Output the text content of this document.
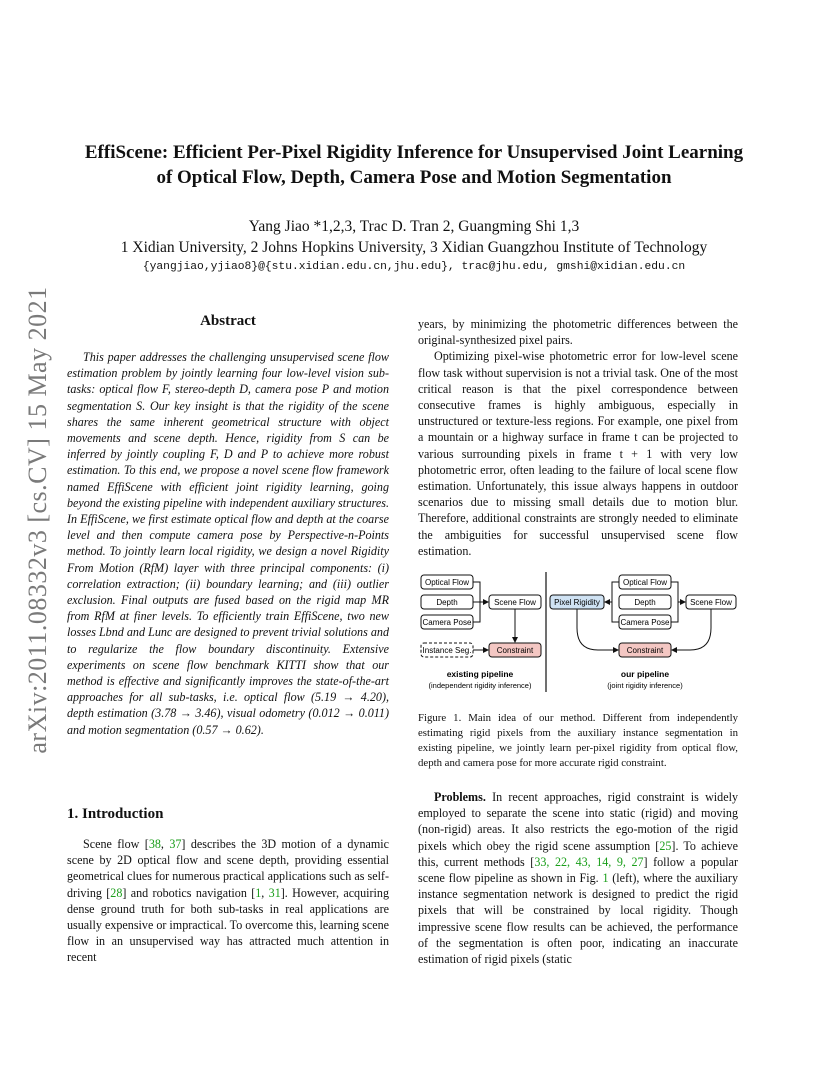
arXiv:2011.08332v3 [cs.CV] 15 May 2021
EffiScene: Efficient Per-Pixel Rigidity Inference for Unsupervised Joint Learning
of Optical Flow, Depth, Camera Pose and Motion Segmentation
Yang Jiao *1,2,3, Trac D. Tran 2, Guangming Shi 1,3
1 Xidian University, 2 Johns Hopkins University, 3 Xidian Guangzhou Institute of Technology
{yangjiao,yjiao8}@{stu.xidian.edu.cn,jhu.edu}, trac@jhu.edu, gmshi@xidian.edu.cn
Abstract

This paper addresses the challenging unsupervised scene flow estimation problem by jointly learning four low-level vision sub-tasks: optical flow F, stereo-depth D, camera pose P and motion segmentation S. Our key insight is that the rigidity of the scene shares the same inherent geometrical structure with object movements and scene depth. Hence, rigidity from S can be inferred by jointly coupling F, D and P to achieve more robust estimation. To this end, we propose a novel scene flow framework named EffiScene with efficient joint rigidity learning, going beyond the existing pipeline with independent auxiliary structures. In EffiScene, we first estimate optical flow and depth at the coarse level and then compute camera pose by Perspective-n-Points method. To jointly learn local rigidity, we design a novel Rigidity From Motion (RfM) layer with three principal components: (i) correlation extraction; (ii) boundary learning; and (iii) outlier exclusion. Final outputs are fused based on the rigid map MR from RfM at finer levels. To efficiently train EffiScene, two new losses Lbnd and Lunc are designed to prevent trivial solutions and to regularize the flow boundary discontinuity. Extensive experiments on scene flow benchmark KITTI show that our method is effective and significantly improves the state-of-the-art approaches for all sub-tasks, i.e. optical flow (5.19 → 4.20), depth estimation (3.78 → 3.46), visual odometry (0.012 → 0.011) and motion segmentation (0.57 → 0.62).

1. Introduction

Scene flow [38, 37] describes the 3D motion of a dynamic scene by 2D optical flow and scene depth, providing essential geometrical clues for numerous practical applications such as self-driving [28] and robotics navigation [1, 31]. However, acquiring dense ground truth for both sub-tasks in real applications are usually expensive or impractical. To overcome this, learning scene flow in an unsupervised way has attracted much attention in recent

years, by minimizing the photometric differences between the original-synthesized pixel pairs.

Optimizing pixel-wise photometric error for low-level scene flow task without supervision is not a trivial task. One of the most critical reason is that the pixel correspondence between consecutive frames is highly ambiguous, especially in unstructured or texture-less regions. For example, one pixel from a mountain or a highway surface in frame t can be projected to various surrounding pixels in frame t + 1 with very low photometric error, often leading to the failure of local scene flow estimation. Unfortunately, this issue always happens in outdoor scenarios due to missing small details due to motion blur. Therefore, additional constraints are strongly needed to eliminate the ambiguities for successful unsupervised scene flow estimation.

Optical Flow
Depth
Camera Pose
Scene Flow
Instance Seg.	Constraint
existing pipeline
(independent rigidity inference)
Pixel Rigidity
Optical Flow
Depth
Camera Pose
Scene Flow
Constraint
our pipeline
(joint rigidity inference)

Figure 1. Main idea of our method. Different from independently estimating rigid pixels from the auxiliary instance segmentation in existing pipeline, we jointly learn per-pixel rigidity from optical flow, depth and camera pose for more accurate rigid constraint.

Problems. In recent approaches, rigid constraint is widely employed to separate the scene into static (rigid) and moving (non-rigid) areas. It also restricts the ego-motion of the rigid pixels which obey the rigid scene assumption [25]. To achieve this, current methods [33, 22, 43, 14, 9, 27] follow a popular scene flow pipeline as shown in Fig. 1 (left), where the auxiliary instance segmentation network is designed to predict the rigid pixels that will be constrained by local rigidity. Though impressive scene flow results can be achieved, the performance of the segmentation is often poor, indicating an inaccurate estimation of rigid pixels (static
